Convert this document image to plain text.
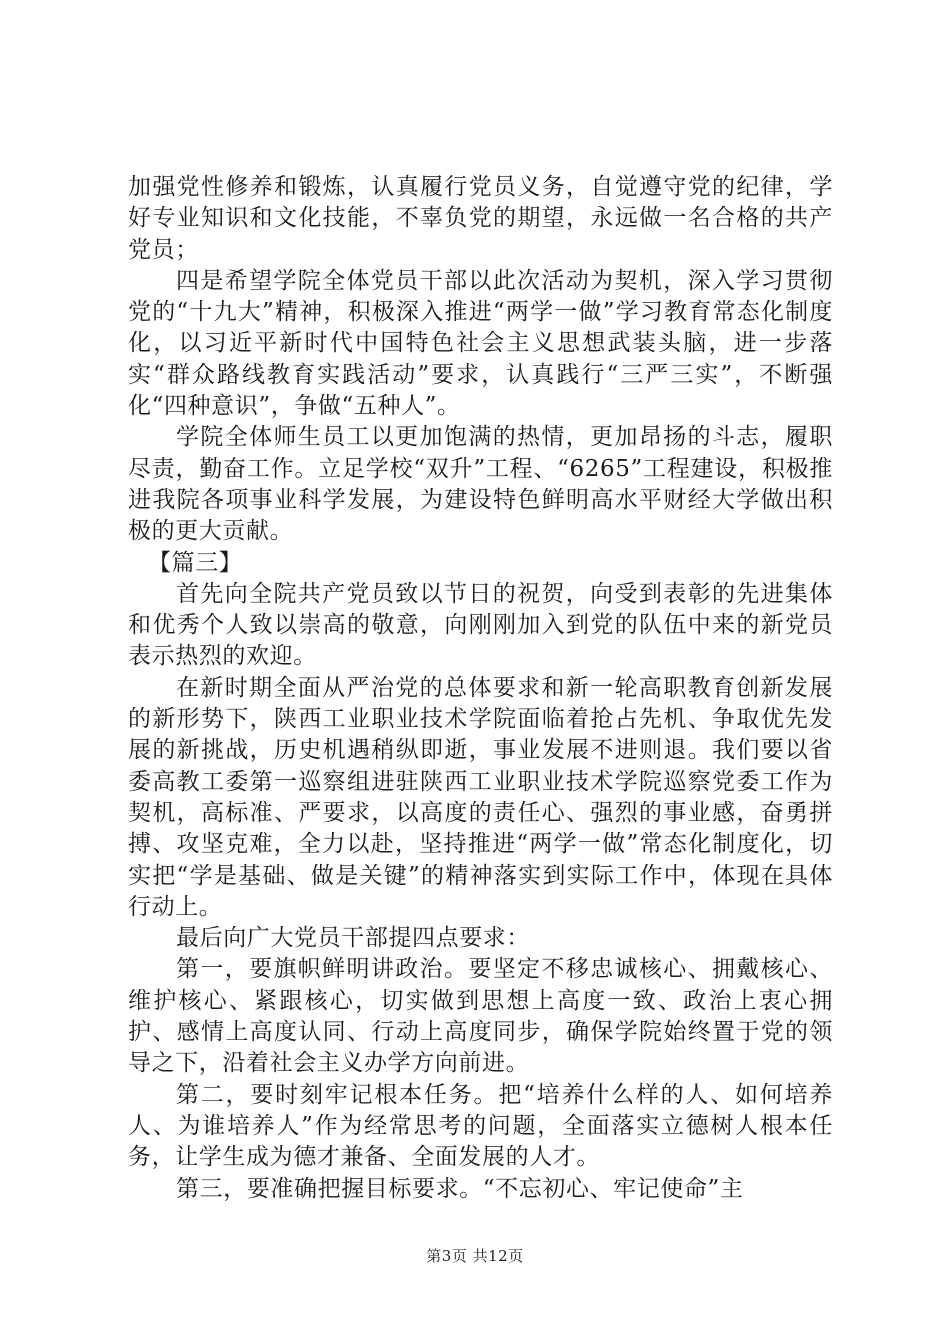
加强党性修养和锻炼，认真履行党员义务，自觉遵守党的纪律，学好专业知识和文化技能，不辜负党的期望，永远做一名合格的共产党员；

四是希望学院全体党员干部以此次活动为契机，深入学习贯彻党的“十九大”精神，积极深入推进“两学一做”学习教育常态化制度化，以习近平新时代中国特色社会主义思想武装头脑，进一步落实“群众路线教育实践活动”要求，认真践行“三严三实”，不断强化“四种意识”，争做“五种人”。

学院全体师生员工以更加饱满的热情，更加昂扬的斗志，履职尽责，勤奋工作。立足学校“双升”工程、“6265”工程建设，积极推进我院各项事业科学发展，为建设特色鲜明高水平财经大学做出积极的更大贡献。

【篇三】

首先向全院共产党员致以节日的祝贺，向受到表彰的先进集体和优秀个人致以崇高的敬意，向刚刚加入到党的队伍中来的新党员表示热烈的欢迎。

在新时期全面从严治党的总体要求和新一轮高职教育创新发展的新形势下，陕西工业职业技术学院面临着抢占先机、争取优先发展的新挑战，历史机遇稍纵即逝，事业发展不进则退。我们要以省委高教工委第一巡察组进驻陕西工业职业技术学院巡察党委工作为契机，高标准、严要求，以高度的责任心、强烈的事业感，奋勇拼搏、攻坚克难，全力以赴，坚持推进“两学一做”常态化制度化，切实把“学是基础、做是关键”的精神落实到实际工作中，体现在具体行动上。

最后向广大党员干部提四点要求：

第一，要旗帜鲜明讲政治。要坚定不移忠诚核心、拥戴核心、维护核心、紧跟核心，切实做到思想上高度一致、政治上衷心拥护、感情上高度认同、行动上高度同步，确保学院始终置于党的领导之下，沿着社会主义办学方向前进。

第二，要时刻牢记根本任务。把“培养什么样的人、如何培养人、为谁培养人”作为经常思考的问题，全面落实立德树人根本任务，让学生成为德才兼备、全面发展的人才。

第三，要准确把握目标要求。“不忘初心、牢记使命”主

第3页 共12页
